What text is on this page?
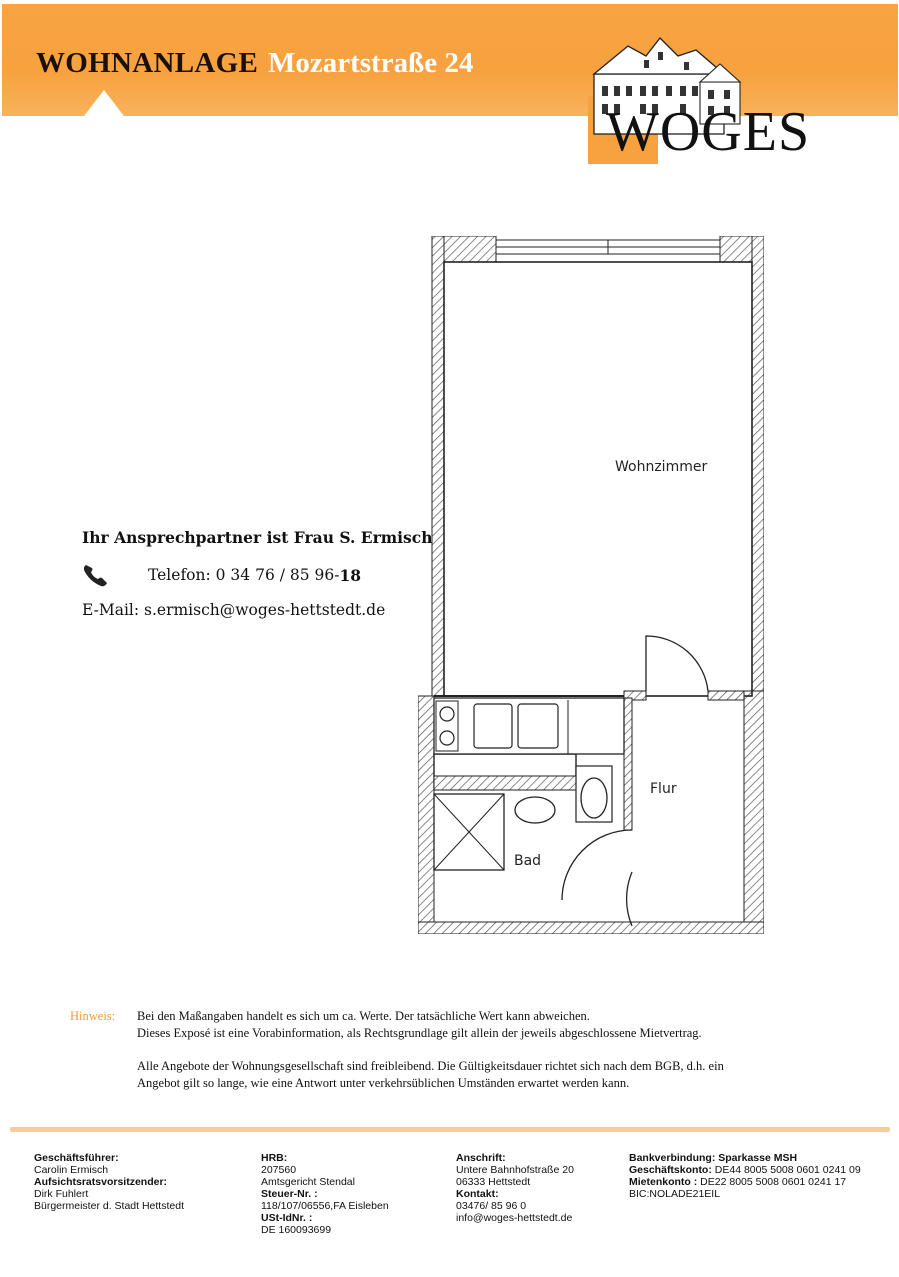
WOHNANLAGE Mozartstraße 24
WOGES
Ihr Ansprechpartner ist Frau S. Ermisch
Telefon: 0 34 76 / 85 96- 18
E-Mail: s.ermisch@woges-hettstedt.de
Wohnzimmer
Flur
Bad
Hinweis: Bei den Maßangaben handelt es sich um ca. Werte. Der tatsächliche Wert kann abweichen.
Dieses Exposé ist eine Vorabinformation, als Rechtsgrundlage gilt allein der jeweils abgeschlossene Mietvertrag.

Alle Angebote der Wohnungsgesellschaft sind freibleibend. Die Gültigkeitsdauer richtet sich nach dem BGB, d.h. ein
Angebot gilt so lange, wie eine Antwort unter verkehrsüblichen Umständen erwartet werden kann.

Geschäftsführer:
Carolin Ermisch
Aufsichtsratsvorsitzender:
Dirk Fuhlert
Bürgermeister d. Stadt Hettstedt
HRB:
207560
Amtsgericht Stendal
Steuer-Nr. :
118/107/06556,FA Eisleben
USt-IdNr. :
DE 160093699
Anschrift:
Untere Bahnhofstraße 20
06333 Hettstedt
Kontakt:
03476/ 85 96 0
info@woges-hettstedt.de
Bankverbindung: Sparkasse MSH
Geschäftskonto: DE44 8005 5008 0601 0241 09
Mietenkonto : DE22 8005 5008 0601 0241 17
BIC:NOLADE21EIL
